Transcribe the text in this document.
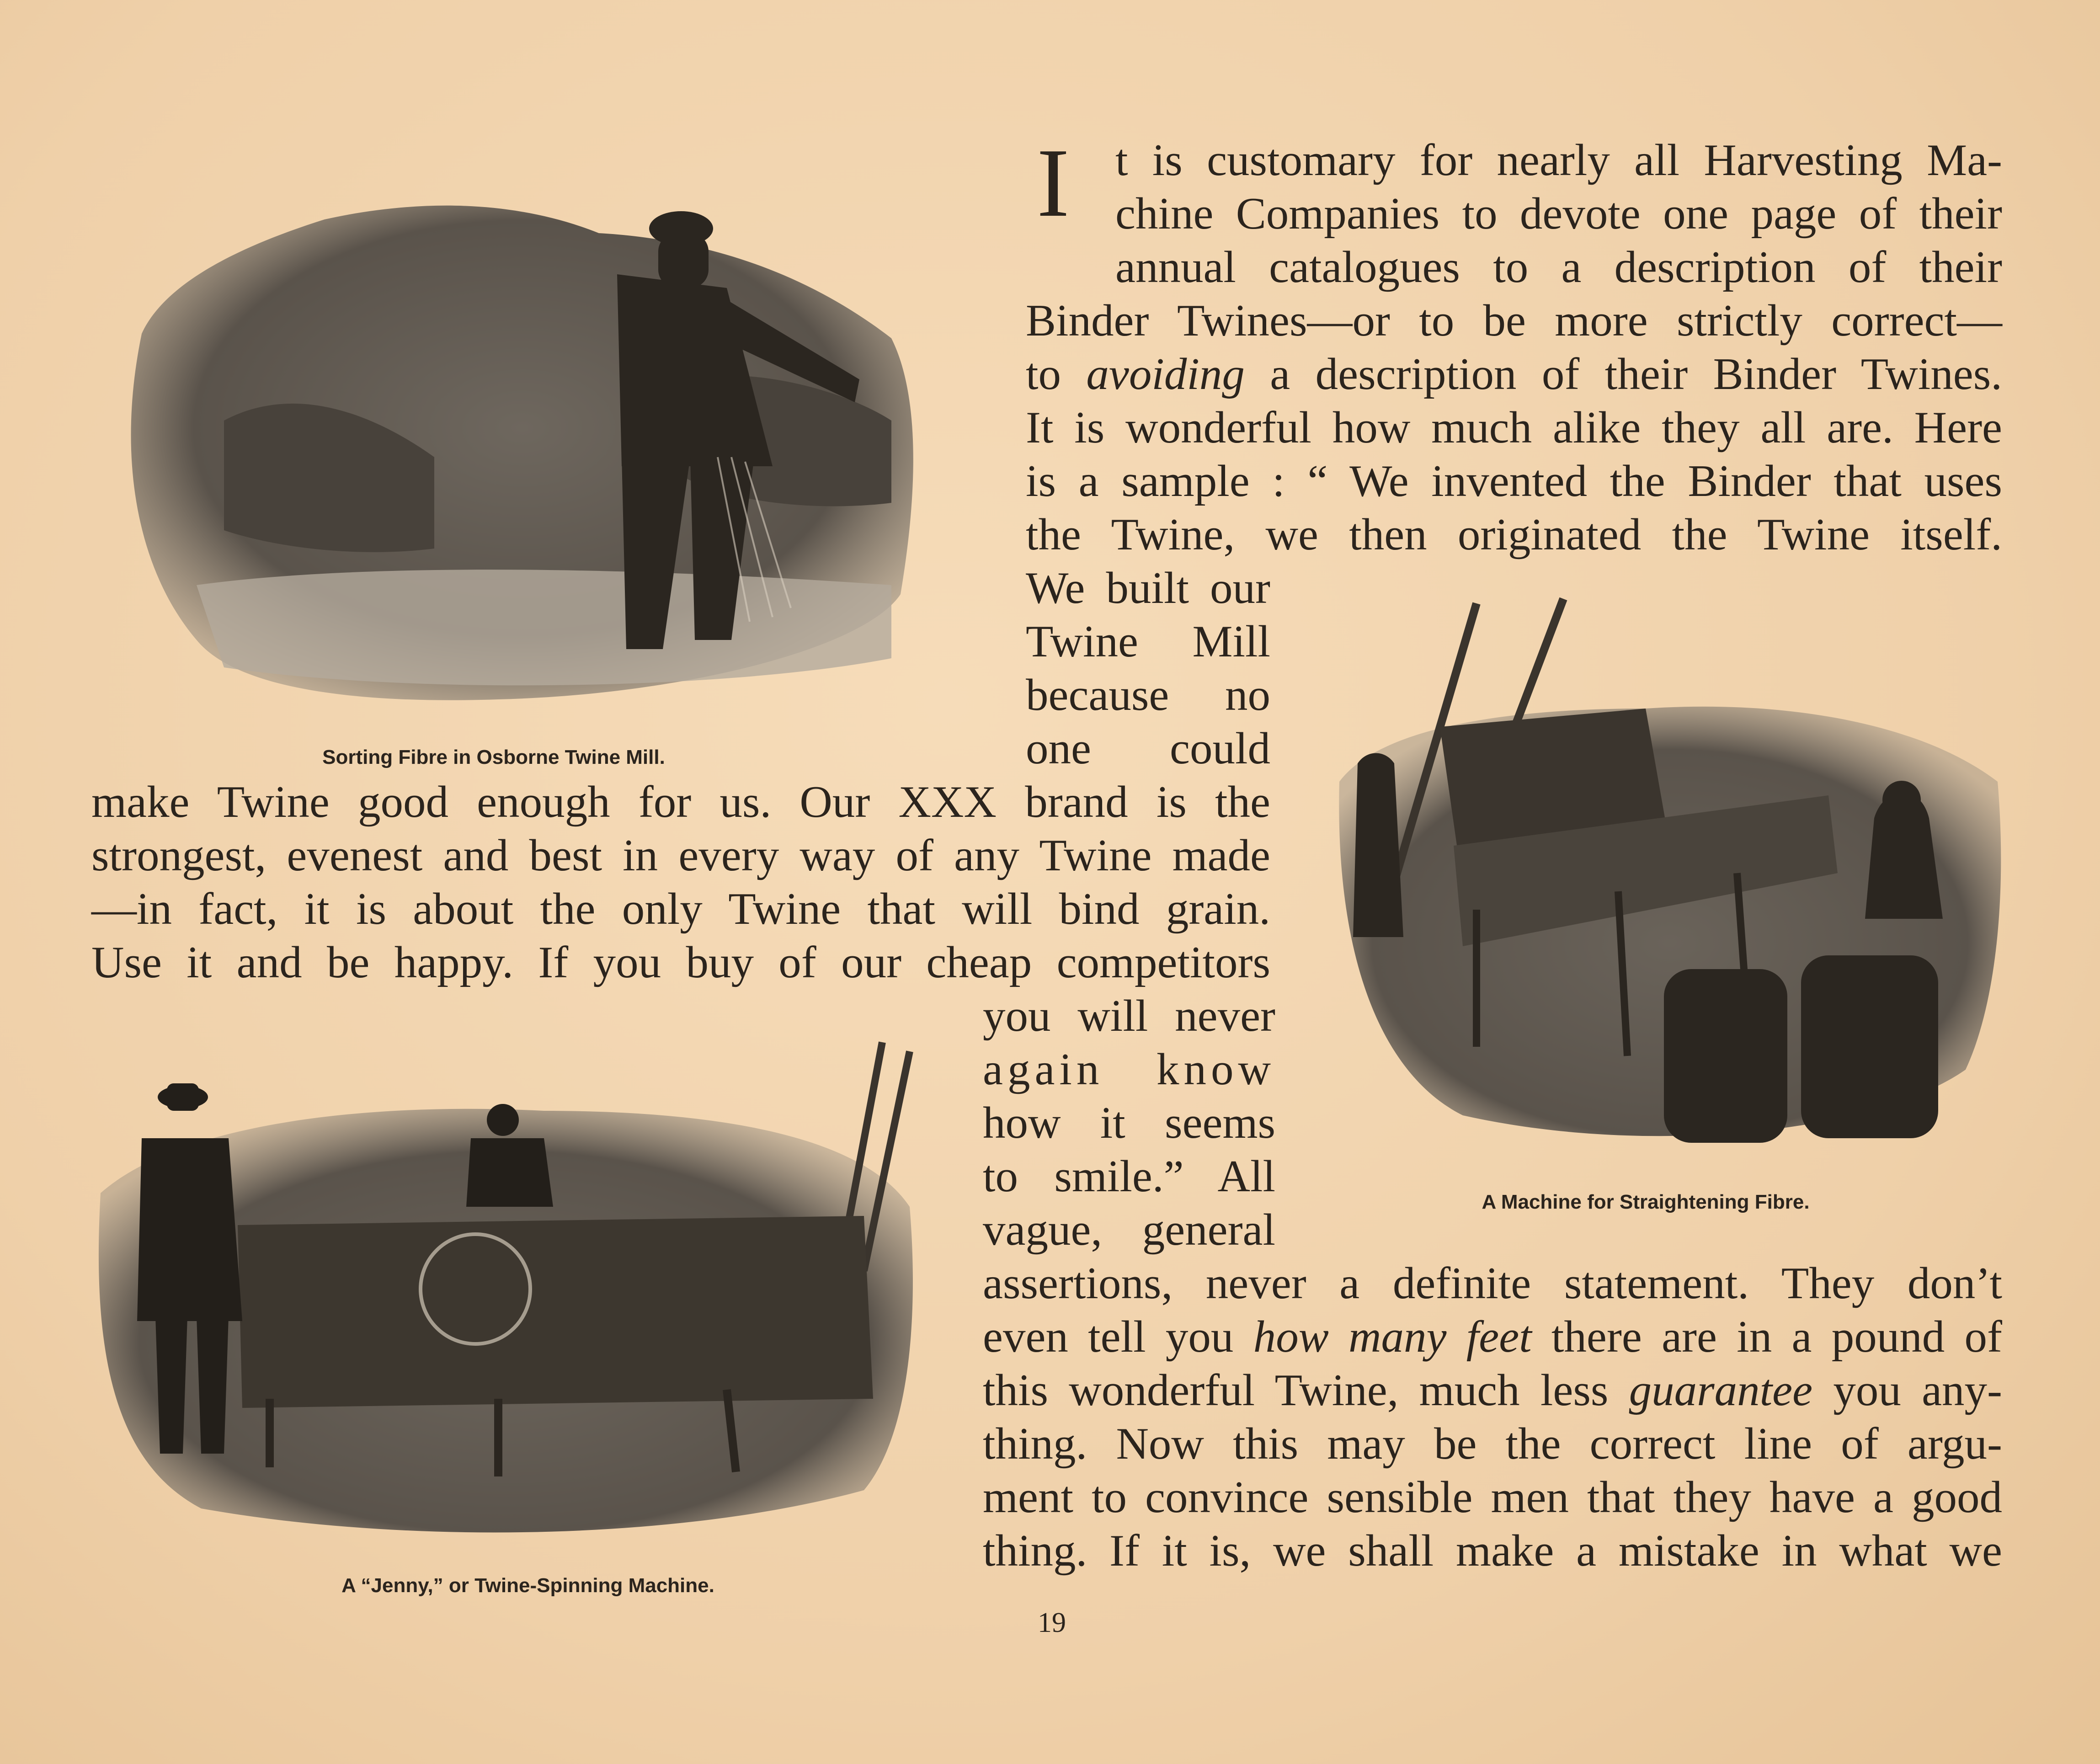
Sorting Fibre in Osborne Twine Mill.
A Machine for Straightening Fibre.
A “Jenny,” or Twine-Spinning Machine.
I t is customary for nearly all Harvesting Ma-
chine Companies to devote one page of their
annual catalogues to a description of their
Binder Twines—or to be more strictly correct—
to avoiding a description of their Binder Twines.
It is wonderful how much alike they all are. Here
is a sample : “ We invented the Binder that uses
the Twine, we then originated the Twine itself.
We built our
Twine Mill
because no
one could
make Twine good enough for us. Our XXX brand is the
strongest, evenest and best in every way of any Twine made
—in fact, it is about the only Twine that will bind grain.
Use it and be happy. If you buy of our cheap competitors
you will never
again know
how it seems
to smile.” All
vague, general
assertions, never a definite statement. They don’t
even tell you how many feet there are in a pound of
this wonderful Twine, much less guarantee you any-
thing. Now this may be the correct line of argu-
ment to convince sensible men that they have a good
thing. If it is, we shall make a mistake in what we
19
